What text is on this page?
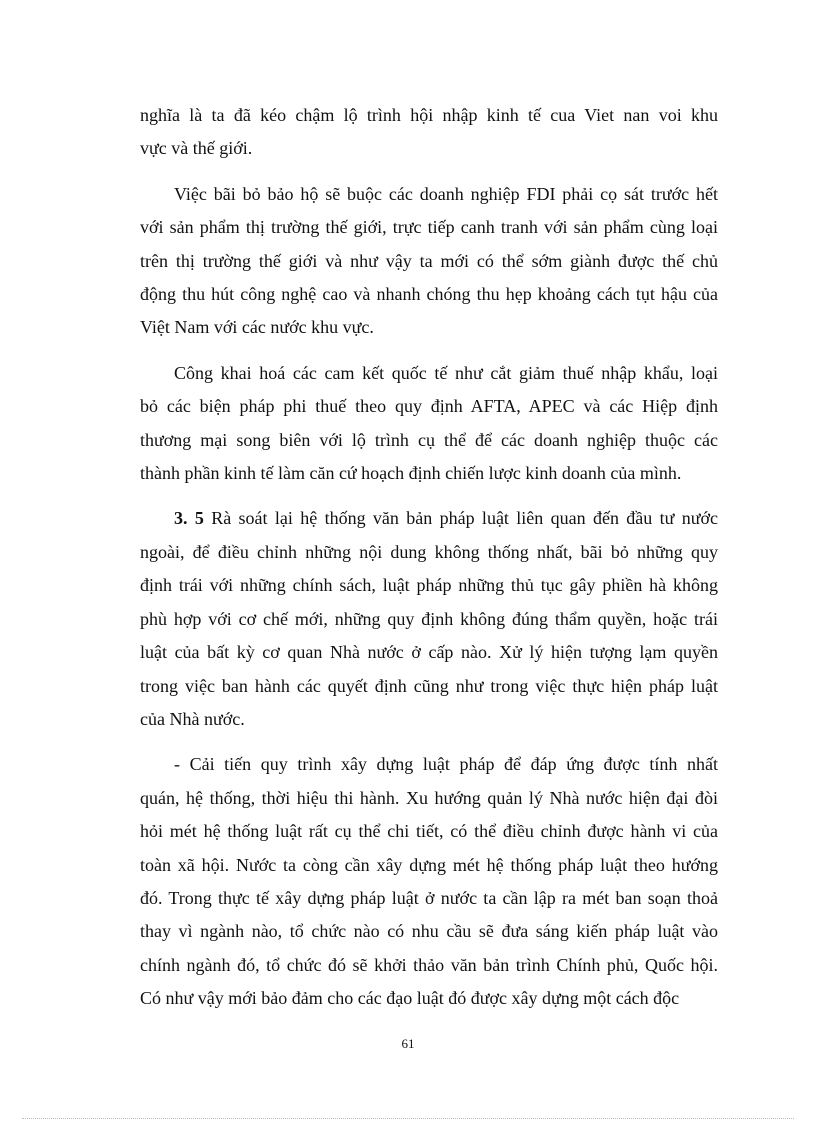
nghĩa là ta đã kéo chậm lộ trình hội nhập kinh tế cua Viet nan voi khu
vực và thế giới.

Việc bãi bỏ bảo hộ sẽ buộc các doanh nghiệp FDI phải cọ sát trước hết
với sản phẩm thị trường thế giới, trực tiếp canh tranh với sản phẩm cùng loại
trên thị trường thế giới và như vậy ta mới có thể sớm giành được thế chủ
động thu hút công nghệ cao và nhanh chóng thu hẹp khoảng cách tụt hậu của
Việt Nam với các nước khu vực.

Công khai hoá các cam kết quốc tế như cắt giảm thuế nhập khẩu, loại
bỏ các biện pháp phi thuế theo quy định AFTA, APEC và các Hiệp định
thương mại song biên với lộ trình cụ thể để các doanh nghiệp thuộc các
thành phần kinh tế làm căn cứ hoạch định chiến lược kinh doanh của mình.

3. 5 Rà soát lại hệ thống văn bản pháp luật liên quan đến đầu tư nước
ngoài, để điều chỉnh những nội dung không thống nhất, bãi bỏ những quy
định trái với những chính sách, luật pháp những thủ tục gây phiền hà không
phù hợp với cơ chế mới, những quy định không đúng thẩm quyền, hoặc trái
luật của bất kỳ cơ quan Nhà nước ở cấp nào. Xử lý hiện tượng lạm quyền
trong việc ban hành các quyết định cũng như trong việc thực hiện pháp luật
của Nhà nước.

- Cải tiến quy trình xây dựng luật pháp để đáp ứng được tính nhất
quán, hệ thống, thời hiệu thi hành. Xu hướng quản lý Nhà nước hiện đại đòi
hỏi mét hệ thống luật rất cụ thể chi tiết, có thể điều chỉnh được hành vi của
toàn xã hội. Nước ta còng cần xây dựng mét hệ thống pháp luật theo hướng
đó. Trong thực tế xây dựng pháp luật ở nước ta cần lập ra mét ban soạn thoả
thay vì ngành nào, tổ chức nào có nhu cầu sẽ đưa sáng kiến pháp luật vào
chính ngành đó, tổ chức đó sẽ khởi thảo văn bản trình Chính phủ, Quốc hội.
Có như vậy mới bảo đảm cho các đạo luật đó được xây dựng một cách độc

61
